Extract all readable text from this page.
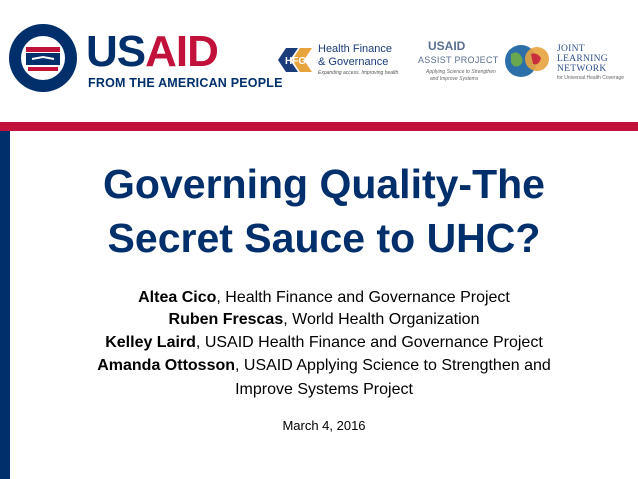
USAID
FROM THE AMERICAN PEOPLE
HFG
Health Finance
& Governance
Expanding access. Improving health.
USAID
ASSIST PROJECT
Applying Science to Strengthen
and Improve Systems
JOINT
LEARNING
NETWORK
for Universal Health Coverage
Governing Quality-The
Secret Sauce to UHC?
Altea Cico, Health Finance and Governance Project
Ruben Frescas, World Health Organization
Kelley Laird, USAID Health Finance and Governance Project
Amanda Ottosson, USAID Applying Science to Strengthen and
Improve Systems Project
March 4, 2016
